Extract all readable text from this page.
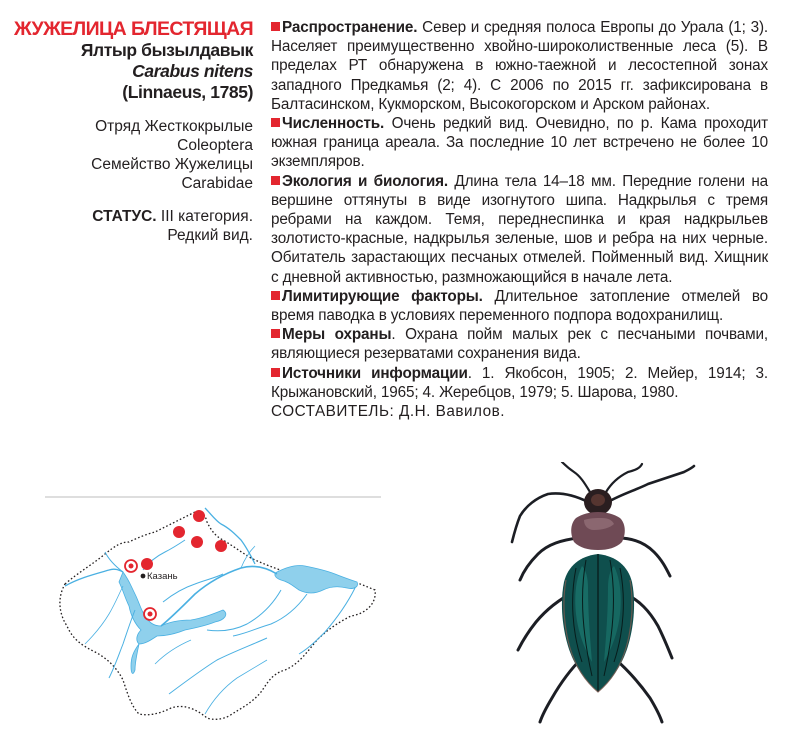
ЖУЖЕЛИЦА БЛЕСТЯЩАЯ
Ялтыр бызылдавык
Carabus nitens
(Linnaeus, 1785)
Отряд Жесткокрылые
Coleoptera
Семейство Жужелицы
Carabidae
СТАТУС. III категория.
Редкий вид.

Распространение. Север и средняя полоса Европы до Урала (1; 3). Населяет преимущественно хвойно-широколиственные леса (5). В пределах РТ обнаружена в южно-таежной и лесостепной зонах западного Предкамья (2; 4). С 2006 по 2015 гг. зафиксирована в Балтасинском, Кукморском, Высокогорском и Арском районах.

Численность. Очень редкий вид. Очевидно, по р. Кама проходит южная граница ареала. За последние 10 лет встречено не более 10 экземпляров.

Экология и биология. Длина тела 14–18 мм. Передние голени на вершине оттянуты в виде изогнутого шипа. Надкрылья с тремя ребрами на каждом. Темя, переднеспинка и края надкрыльев золотисто-красные, надкрылья зеленые, шов и ребра на них черные. Обитатель зарастающих песчаных отмелей. Пойменный вид. Хищник с дневной активностью, размножающийся в начале лета.

Лимитирующие факторы. Длительное затопление отмелей во время паводка в условиях переменного подпора водохранилищ.

Меры охраны. Охрана пойм малых рек с песчаными почвами, являющиеся резерватами сохранения вида.

Источники информации. 1. Якобсон, 1905; 2. Мейер, 1914; 3. Крыжановский, 1965; 4. Жеребцов, 1979; 5. Шарова, 1980.

СОСТАВИТЕЛЬ: Д.Н. Вавилов.

Казань
